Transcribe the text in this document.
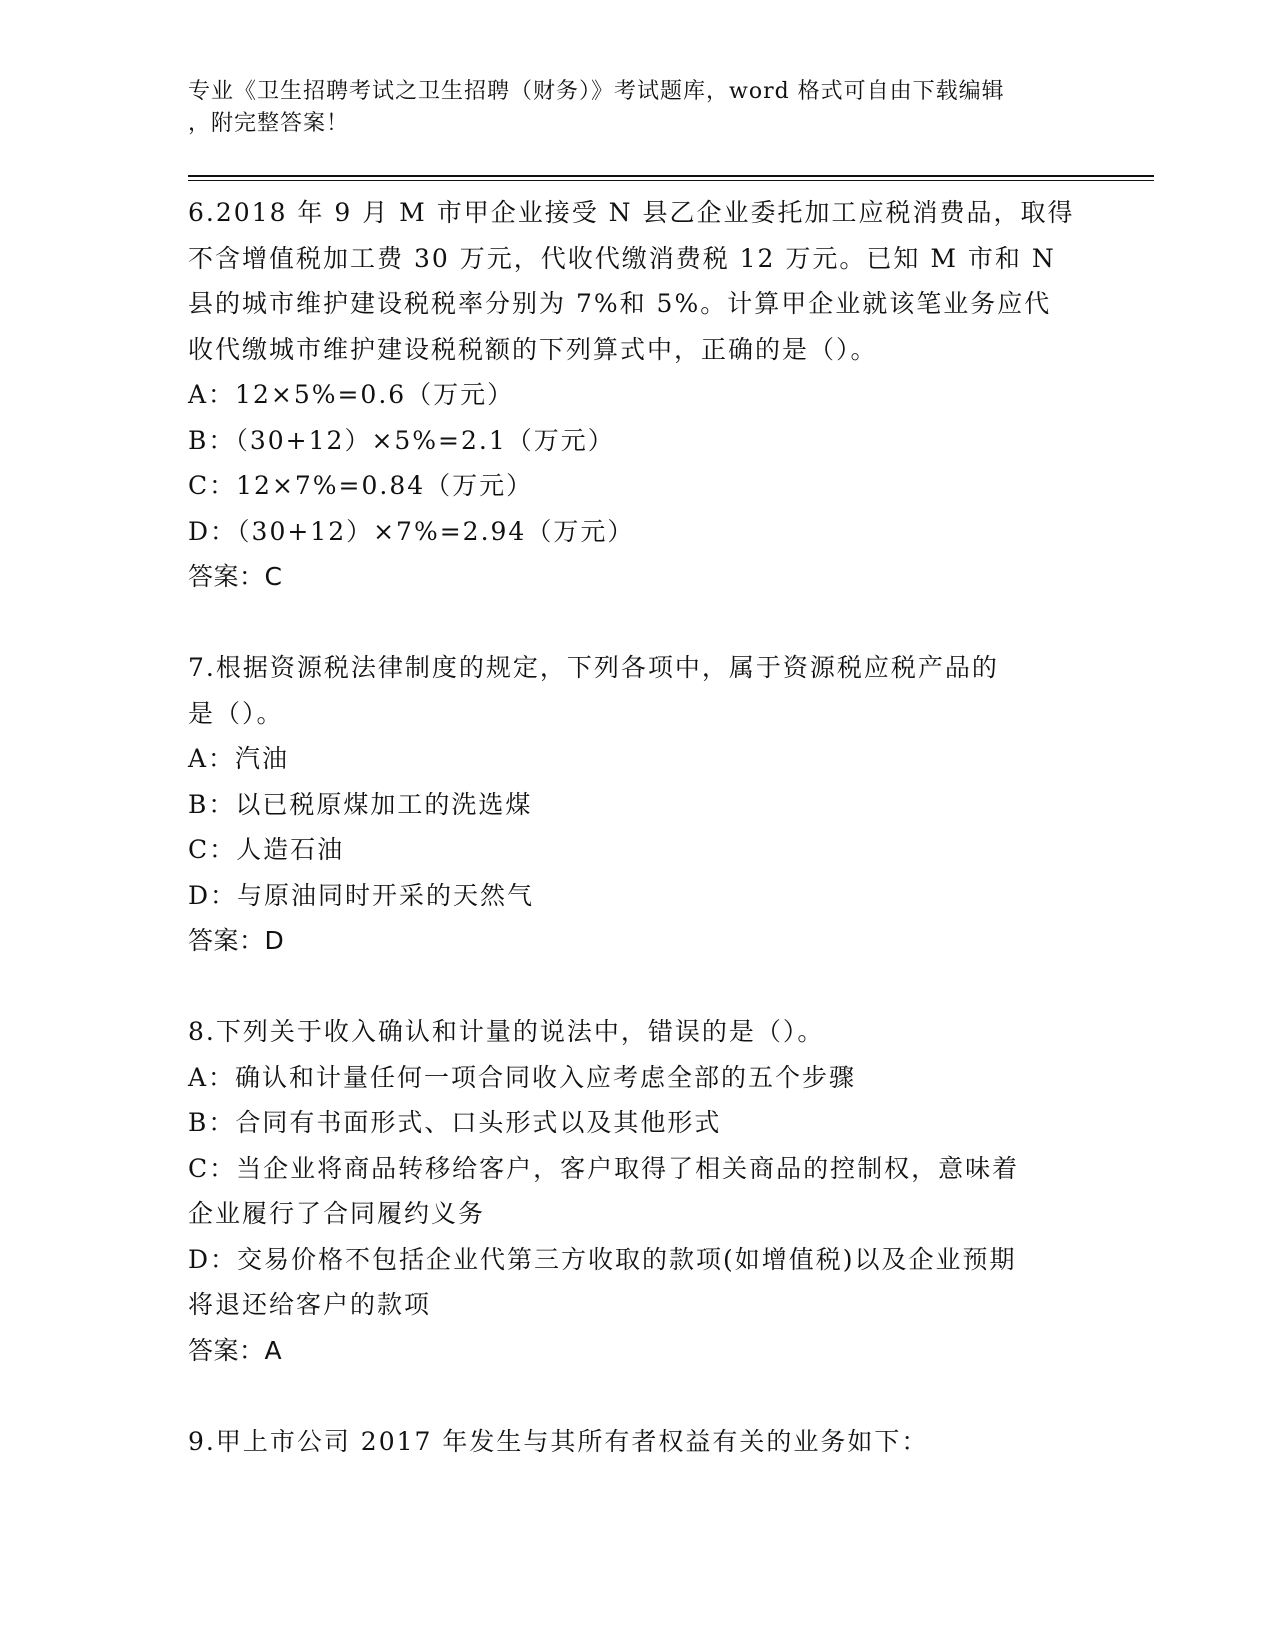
专业《卫生招聘考试之卫生招聘（财务）》考试题库，word 格式可自由下载编辑
，附完整答案！
6.2018 年 9 月 M 市甲企业接受 N 县乙企业委托加工应税消费品，取得
不含增值税加工费 30 万元，代收代缴消费税 12 万元。已知 M 市和 N
县的城市维护建设税税率分别为 7%和 5%。计算甲企业就该笔业务应代
收代缴城市维护建设税税额的下列算式中，正确的是（）。
A：12×5%=0.6（万元）
B：（30+12）×5%=2.1（万元）
C：12×7%=0.84（万元）
D：（30+12）×7%=2.94（万元）
答案：C
7.根据资源税法律制度的规定，下列各项中，属于资源税应税产品的
是（）。
A：汽油
B：以已税原煤加工的洗选煤
C：人造石油
D：与原油同时开采的天然气
答案：D
8.下列关于收入确认和计量的说法中，错误的是（）。
A：确认和计量任何一项合同收入应考虑全部的五个步骤
B：合同有书面形式、口头形式以及其他形式
C：当企业将商品转移给客户，客户取得了相关商品的控制权，意味着
企业履行了合同履约义务
D：交易价格不包括企业代第三方收取的款项(如增值税)以及企业预期
将退还给客户的款项
答案：A
9.甲上市公司 2017 年发生与其所有者权益有关的业务如下：
